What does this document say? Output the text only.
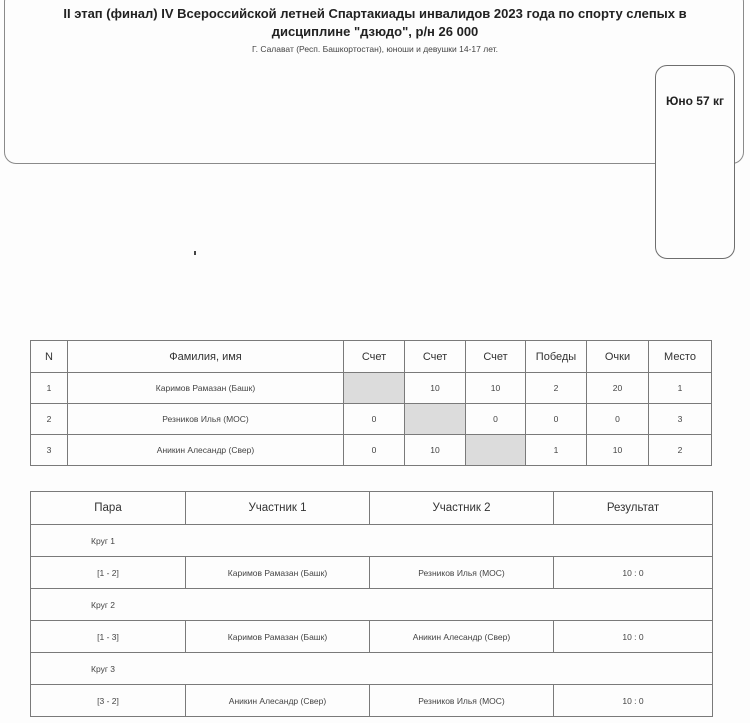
II этап (финал) IV Всероссийской летней Спартакиады инвалидов 2023 года по спорту слепых в
дисциплине "дзюдо", р/н 26 000
Г. Салават (Респ. Башкортостан), юноши и девушки 14-17 лет.
Юно 57 кг
N	Фамилия, имя	Счет	Счет	Счет	Победы	Очки	Место
1	Каримов Рамазан (Башк)		10	10	2	20	1
2	Резников Илья (МОС)	0		0	0	0	3
3	Аникин Алесандр (Свер)	0	10		1	10	2
Пара	Участник 1	Участник 2	Результат
Круг 1			
[1 - 2]	Каримов Рамазан (Башк)	Резников Илья (МОС)	10 : 0
Круг 2			
[1 - 3]	Каримов Рамазан (Башк)	Аникин Алесандр (Свер)	10 : 0
Круг 3			
[3 - 2]	Аникин Алесандр (Свер)	Резников Илья (МОС)	10 : 0
